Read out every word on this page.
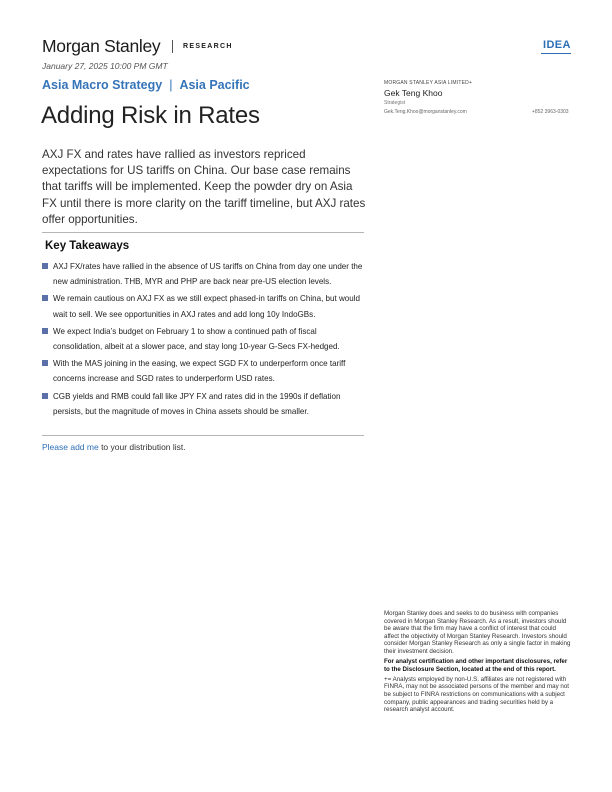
Morgan Stanley	RESEARCH	IDEA
January 27, 2025 10:00 PM GMT
Asia Macro Strategy | Asia Pacific
Adding Risk in Rates
AXJ FX and rates have rallied as investors repriced expectations for US tariffs on China. Our base case remains that tariffs will be implemented. Keep the powder dry on Asia FX until there is more clarity on the tariff timeline, but AXJ rates offer opportunities.
Key Takeaways
AXJ FX/rates have rallied in the absence of US tariffs on China from day one under the new administration. THB, MYR and PHP are back near pre-US election levels.
We remain cautious on AXJ FX as we still expect phased-in tariffs on China, but would wait to sell. We see opportunities in AXJ rates and add long 10y IndoGBs.
We expect India’s budget on February 1 to show a continued path of fiscal consolidation, albeit at a slower pace, and stay long 10-year G-Secs FX-hedged.
With the MAS joining in the easing, we expect SGD FX to underperform once tariff concerns increase and SGD rates to underperform USD rates.
CGB yields and RMB could fall like JPY FX and rates did in the 1990s if deflation persists, but the magnitude of moves in China assets should be smaller.
Please add me to your distribution list.
MORGAN STANLEY ASIA LIMITED+
Gek Teng Khoo
Strategist
Gek.Teng.Khoo@morganstanley.com	+852 3963-0303

Morgan Stanley does and seeks to do business with companies covered in Morgan Stanley Research. As a result, investors should be aware that the firm may have a conflict of interest that could affect the objectivity of Morgan Stanley Research. Investors should consider Morgan Stanley Research as only a single factor in making their investment decision.

For analyst certification and other important disclosures, refer to the Disclosure Section, located at the end of this report.

+= Analysts employed by non-U.S. affiliates are not registered with FINRA, may not be associated persons of the member and may not be subject to FINRA restrictions on communications with a subject company, public appearances and trading securities held by a research analyst account.
